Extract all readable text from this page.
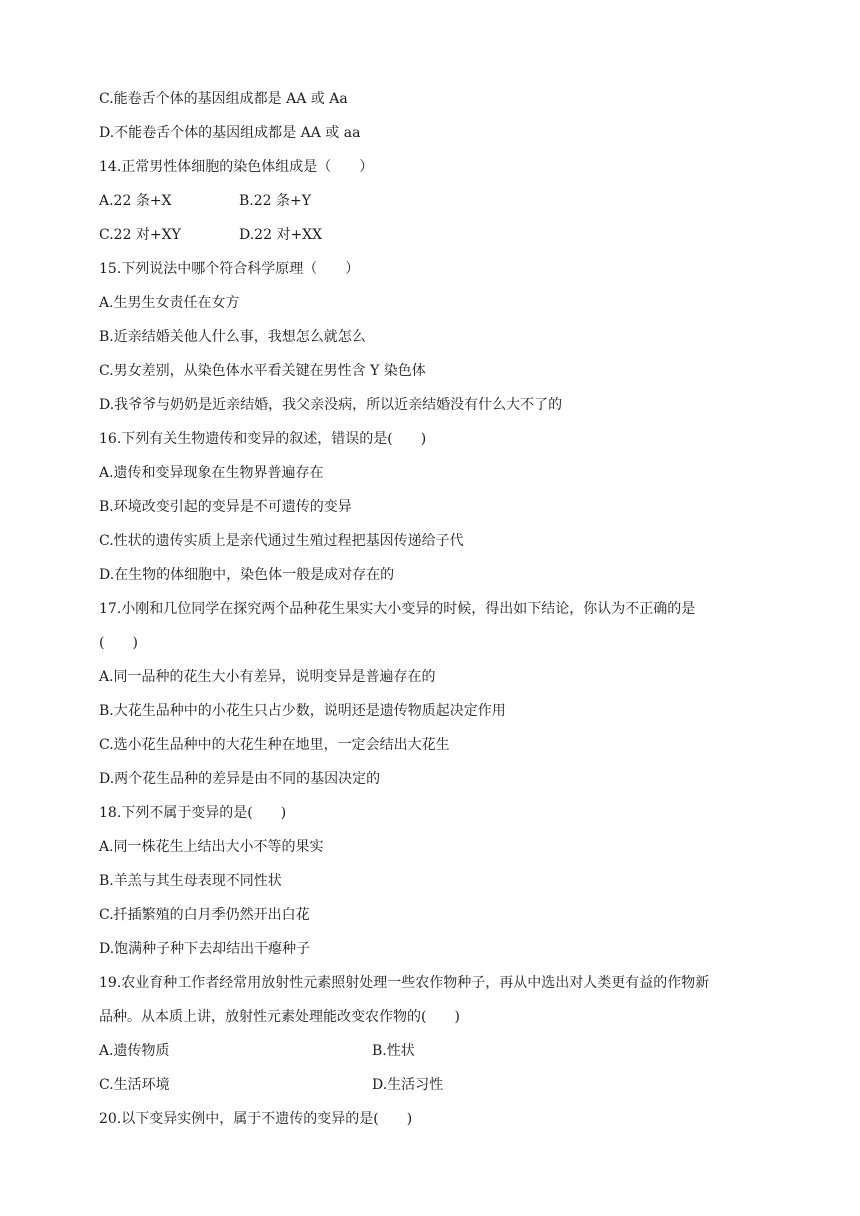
C.能卷舌个体的基因组成都是 AA 或 Aa
D.不能卷舌个体的基因组成都是 AA 或 aa
14.正常男性体细胞的染色体组成是（　　）
A.22 条+X	B.22 条+Y
C.22 对+XY	D.22 对+XX
15.下列说法中哪个符合科学原理（　　）
A.生男生女责任在女方
B.近亲结婚关他人什么事，我想怎么就怎么
C.男女差别，从染色体水平看关键在男性含 Y 染色体
D.我爷爷与奶奶是近亲结婚，我父亲没病，所以近亲结婚没有什么大不了的
16.下列有关生物遗传和变异的叙述，错误的是(　　)
A.遗传和变异现象在生物界普遍存在
B.环境改变引起的变异是不可遗传的变异
C.性状的遗传实质上是亲代通过生殖过程把基因传递给子代
D.在生物的体细胞中，染色体一般是成对存在的
17.小刚和几位同学在探究两个品种花生果实大小变异的时候，得出如下结论，你认为不正确的是
(　　)
A.同一品种的花生大小有差异，说明变异是普遍存在的
B.大花生品种中的小花生只占少数，说明还是遗传物质起决定作用
C.选小花生品种中的大花生种在地里，一定会结出大花生
D.两个花生品种的差异是由不同的基因决定的
18.下列不属于变异的是(　　)
A.同一株花生上结出大小不等的果实
B.羊羔与其生母表现不同性状
C.扦插繁殖的白月季仍然开出白花
D.饱满种子种下去却结出干瘪种子
19.农业育种工作者经常用放射性元素照射处理一些农作物种子，再从中选出对人类更有益的作物新
品种。从本质上讲，放射性元素处理能改变农作物的(　　)
A.遗传物质	B.性状
C.生活环境	D.生活习性
20.以下变异实例中，属于不遗传的变异的是(　　)
